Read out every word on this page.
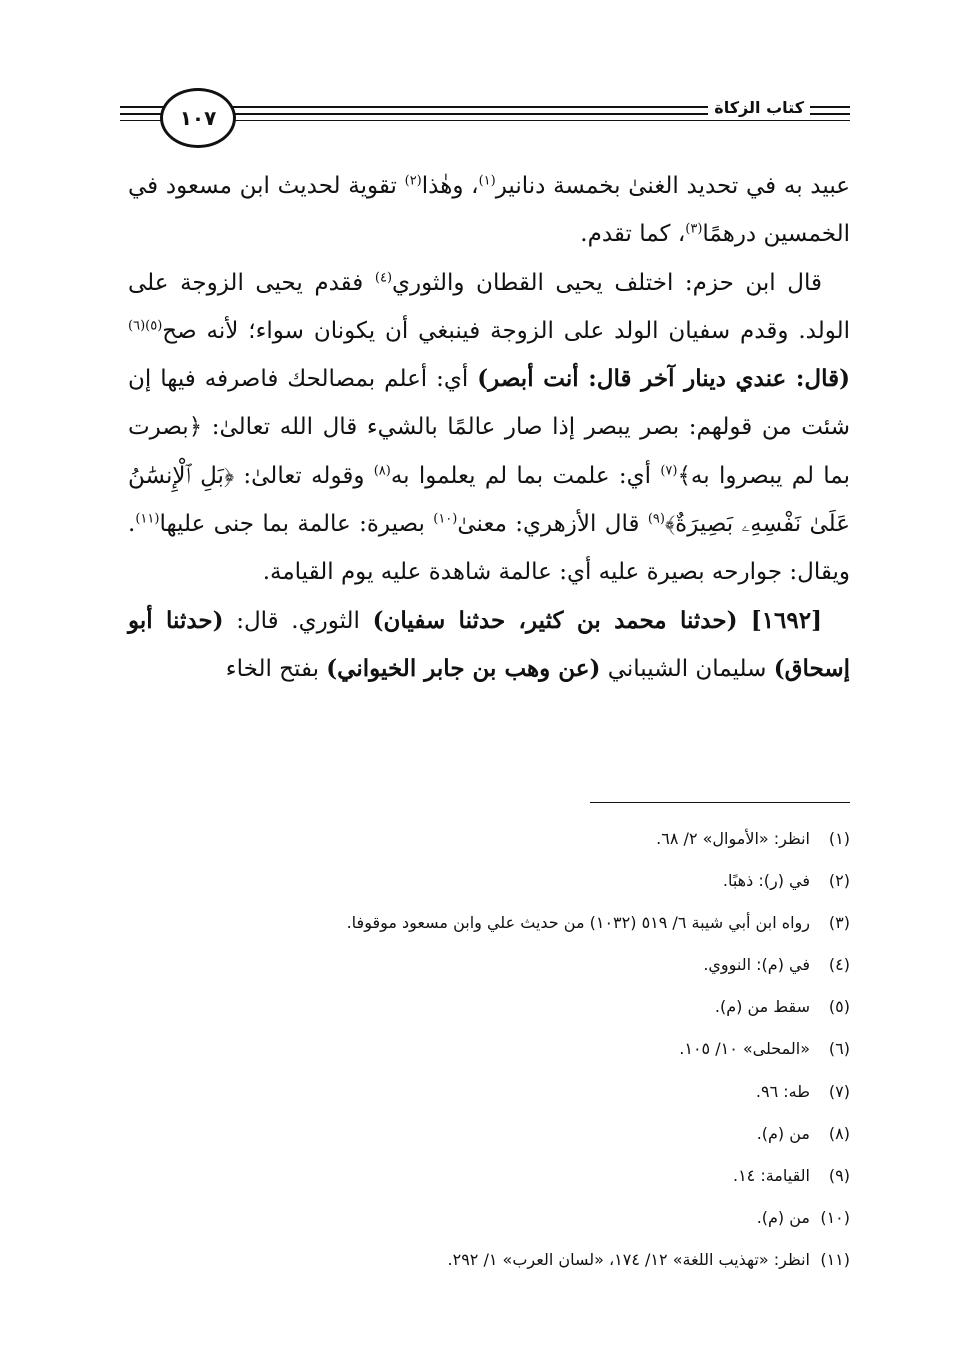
١٠٧	كتاب الزكاة

عبيد به في تحديد الغنىٰ بخمسة دنانير$^{(١)}$، وهٰذا$^{(٢)}$ تقوية لحديث ابن مسعود في الخمسين درهمًا$^{(٣)}$، كما تقدم.

قال ابن حزم: اختلف يحيى القطان والثوري$^{(٤)}$ فقدم يحيى الزوجة على الولد. وقدم سفيان الولد على الزوجة فينبغي أن يكونان سواء؛ لأنه صح$^{(٥)(٦)}$ (قال: عندي دينار آخر قال: أنت أبصر) أي: أعلم بمصالحك فاصرفه فيها إن شئت من قولهم: بصر يبصر إذا صار عالمًا بالشيء قال الله تعالىٰ: ﴿بصرت بما لم يبصروا به﴾$^{(٧)}$ أي: علمت بما لم يعلموا به$^{(٨)}$ وقوله تعالىٰ: ﴿بَلِ ٱلْإِنسَٰنُ عَلَىٰ نَفْسِهِۦ بَصِيرَةٌ﴾$^{(٩)}$ قال الأزهري: معنىٰ$^{(١٠)}$ بصيرة: عالمة بما جنى عليها$^{(١١)}$. ويقال: جوارحه بصيرة عليه أي: عالمة شاهدة عليه يوم القيامة.

[١٦٩٢] (حدثنا محمد بن كثير، حدثنا سفيان) الثوري. قال: (حدثنا أبو إسحاق) سليمان الشيباني (عن وهب بن جابر الخيواني) بفتح الخاء

(١)
انظر: «الأموال» ٢/ ٦٨.
(٢)
في (ر): ذهبًا.
(٣)
رواه ابن أبي شيبة ٦/ ٥١٩ (١٠٣٢) من حديث علي وابن مسعود موقوفا.
(٤)
في (م): النووي.
(٥)
سقط من (م).
(٦)
«المحلى» ١٠/ ١٠٥.
(٧)
طه: ٩٦.
(٨)
من (م).
(٩)
القيامة: ١٤.
(١٠)
من (م).
(١١)
انظر: «تهذيب اللغة» ١٢/ ١٧٤، «لسان العرب» ١/ ٢٩٢.
